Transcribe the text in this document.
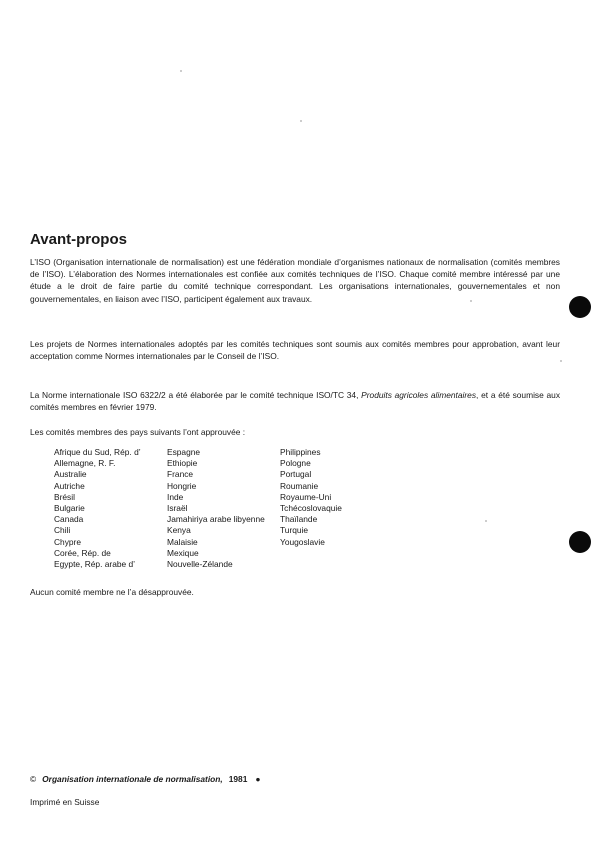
Avant-propos

L’ISO (Organisation internationale de normalisation) est une fédération mondiale d’organismes nationaux de normalisation (comités membres de l’ISO). L’élaboration des Normes internationales est confiée aux comités techniques de l’ISO. Chaque comité membre intéressé par une étude a le droit de faire partie du comité technique correspondant. Les organisations internationales, gouvernementales et non gouvernementales, en liaison avec l’ISO, participent également aux travaux.

Les projets de Normes internationales adoptés par les comités techniques sont soumis aux comités membres pour approbation, avant leur acceptation comme Normes internationales par le Conseil de l’ISO.

La Norme internationale ISO 6322/2 a été élaborée par le comité technique ISO/TC 34, Produits agricoles alimentaires, et a été soumise aux comités membres en février 1979.

Les comités membres des pays suivants l’ont approuvée :

Afrique du Sud, Rép. d’
Allemagne, R. F.
Australie
Autriche
Brésil
Bulgarie
Canada
Chili
Chypre
Corée, Rép. de
Egypte, Rép. arabe d’
Espagne
Ethiopie
France
Hongrie
Inde
Israël
Jamahiriya arabe libyenne
Kenya
Malaisie
Mexique
Nouvelle-Zélande
Philippines
Pologne
Portugal
Roumanie
Royaume-Uni
Tchécoslovaquie
Thaïlande
Turquie
Yougoslavie

Aucun comité membre ne l’a désapprouvée.

© Organisation internationale de normalisation, 1981 ●
Imprimé en Suisse
